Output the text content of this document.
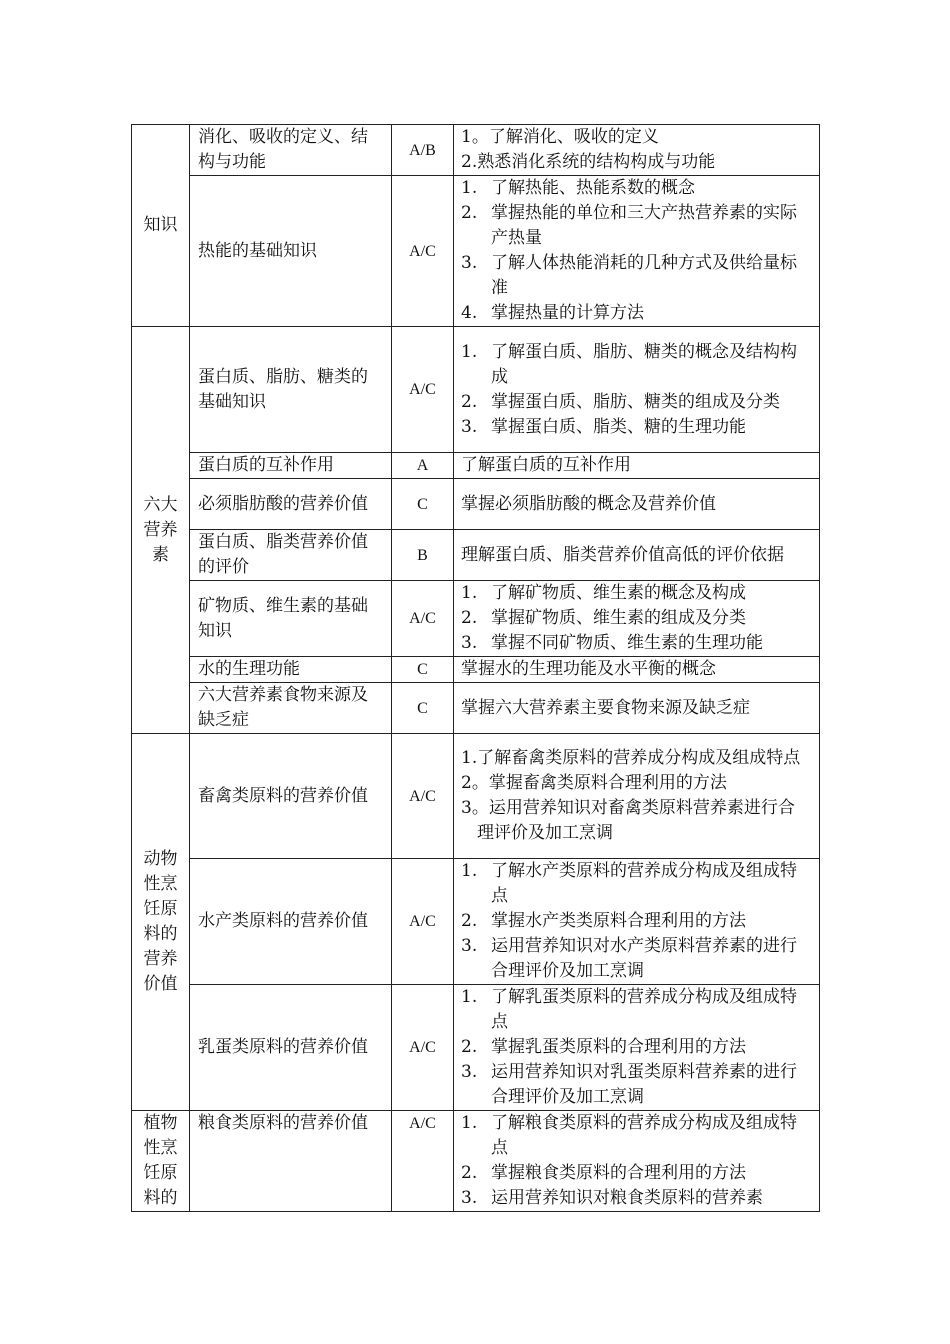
知识	消化、吸收的定义、结构与功能	A/B	1。了解消化、吸收的定义
2.熟悉消化系统的结构构成与功能

	热能的基础知识	A/C	1. 了解热能、热能系数的概念
2. 掌握热能的单位和三大产热营养素的实际产热量
3. 了解人体热能消耗的几种方式及供给量标准
4. 掌握热量的计算方法

六大营养素	蛋白质、脂肪、糖类的基础知识	A/C	1. 了解蛋白质、脂肪、糖类的概念及结构构成
2. 掌握蛋白质、脂肪、糖类的组成及分类
3. 掌握蛋白质、脂类、糖的生理功能

	蛋白质的互补作用	A	了解蛋白质的互补作用
	必须脂肪酸的营养价值	C	掌握必须脂肪酸的概念及营养价值
	蛋白质、脂类营养价值的评价	B	理解蛋白质、脂类营养价值高低的评价依据
	矿物质、维生素的基础知识	A/C	1. 了解矿物质、维生素的概念及构成
2. 掌握矿物质、维生素的组成及分类
3. 掌握不同矿物质、维生素的生理功能

	水的生理功能	C	掌握水的生理功能及水平衡的概念
	六大营养素食物来源及缺乏症	C	掌握六大营养素主要食物来源及缺乏症
动物性烹饪原料的营养价值	畜禽类原料的营养价值	A/C	1.了解畜禽类原料的营养成分构成及组成特点
2。掌握畜禽类原料合理利用的方法
3。运用营养知识对畜禽类原料营养素进行合理评价及加工烹调

	水产类原料的营养价值	A/C	1. 了解水产类原料的营养成分构成及组成特点
2. 掌握水产类类原料合理利用的方法
3. 运用营养知识对水产类原料营养素的进行合理评价及加工烹调

	乳蛋类原料的营养价值	A/C	1. 了解乳蛋类原料的营养成分构成及组成特点
2. 掌握乳蛋类原料的合理利用的方法
3. 运用营养知识对乳蛋类原料营养素的进行合理评价及加工烹调

植物性烹饪原料的	粮食类原料的营养价值	A/C	1. 了解粮食类原料的营养成分构成及组成特点
2. 掌握粮食类原料的合理利用的方法
3. 运用营养知识对粮食类原料的营养素
